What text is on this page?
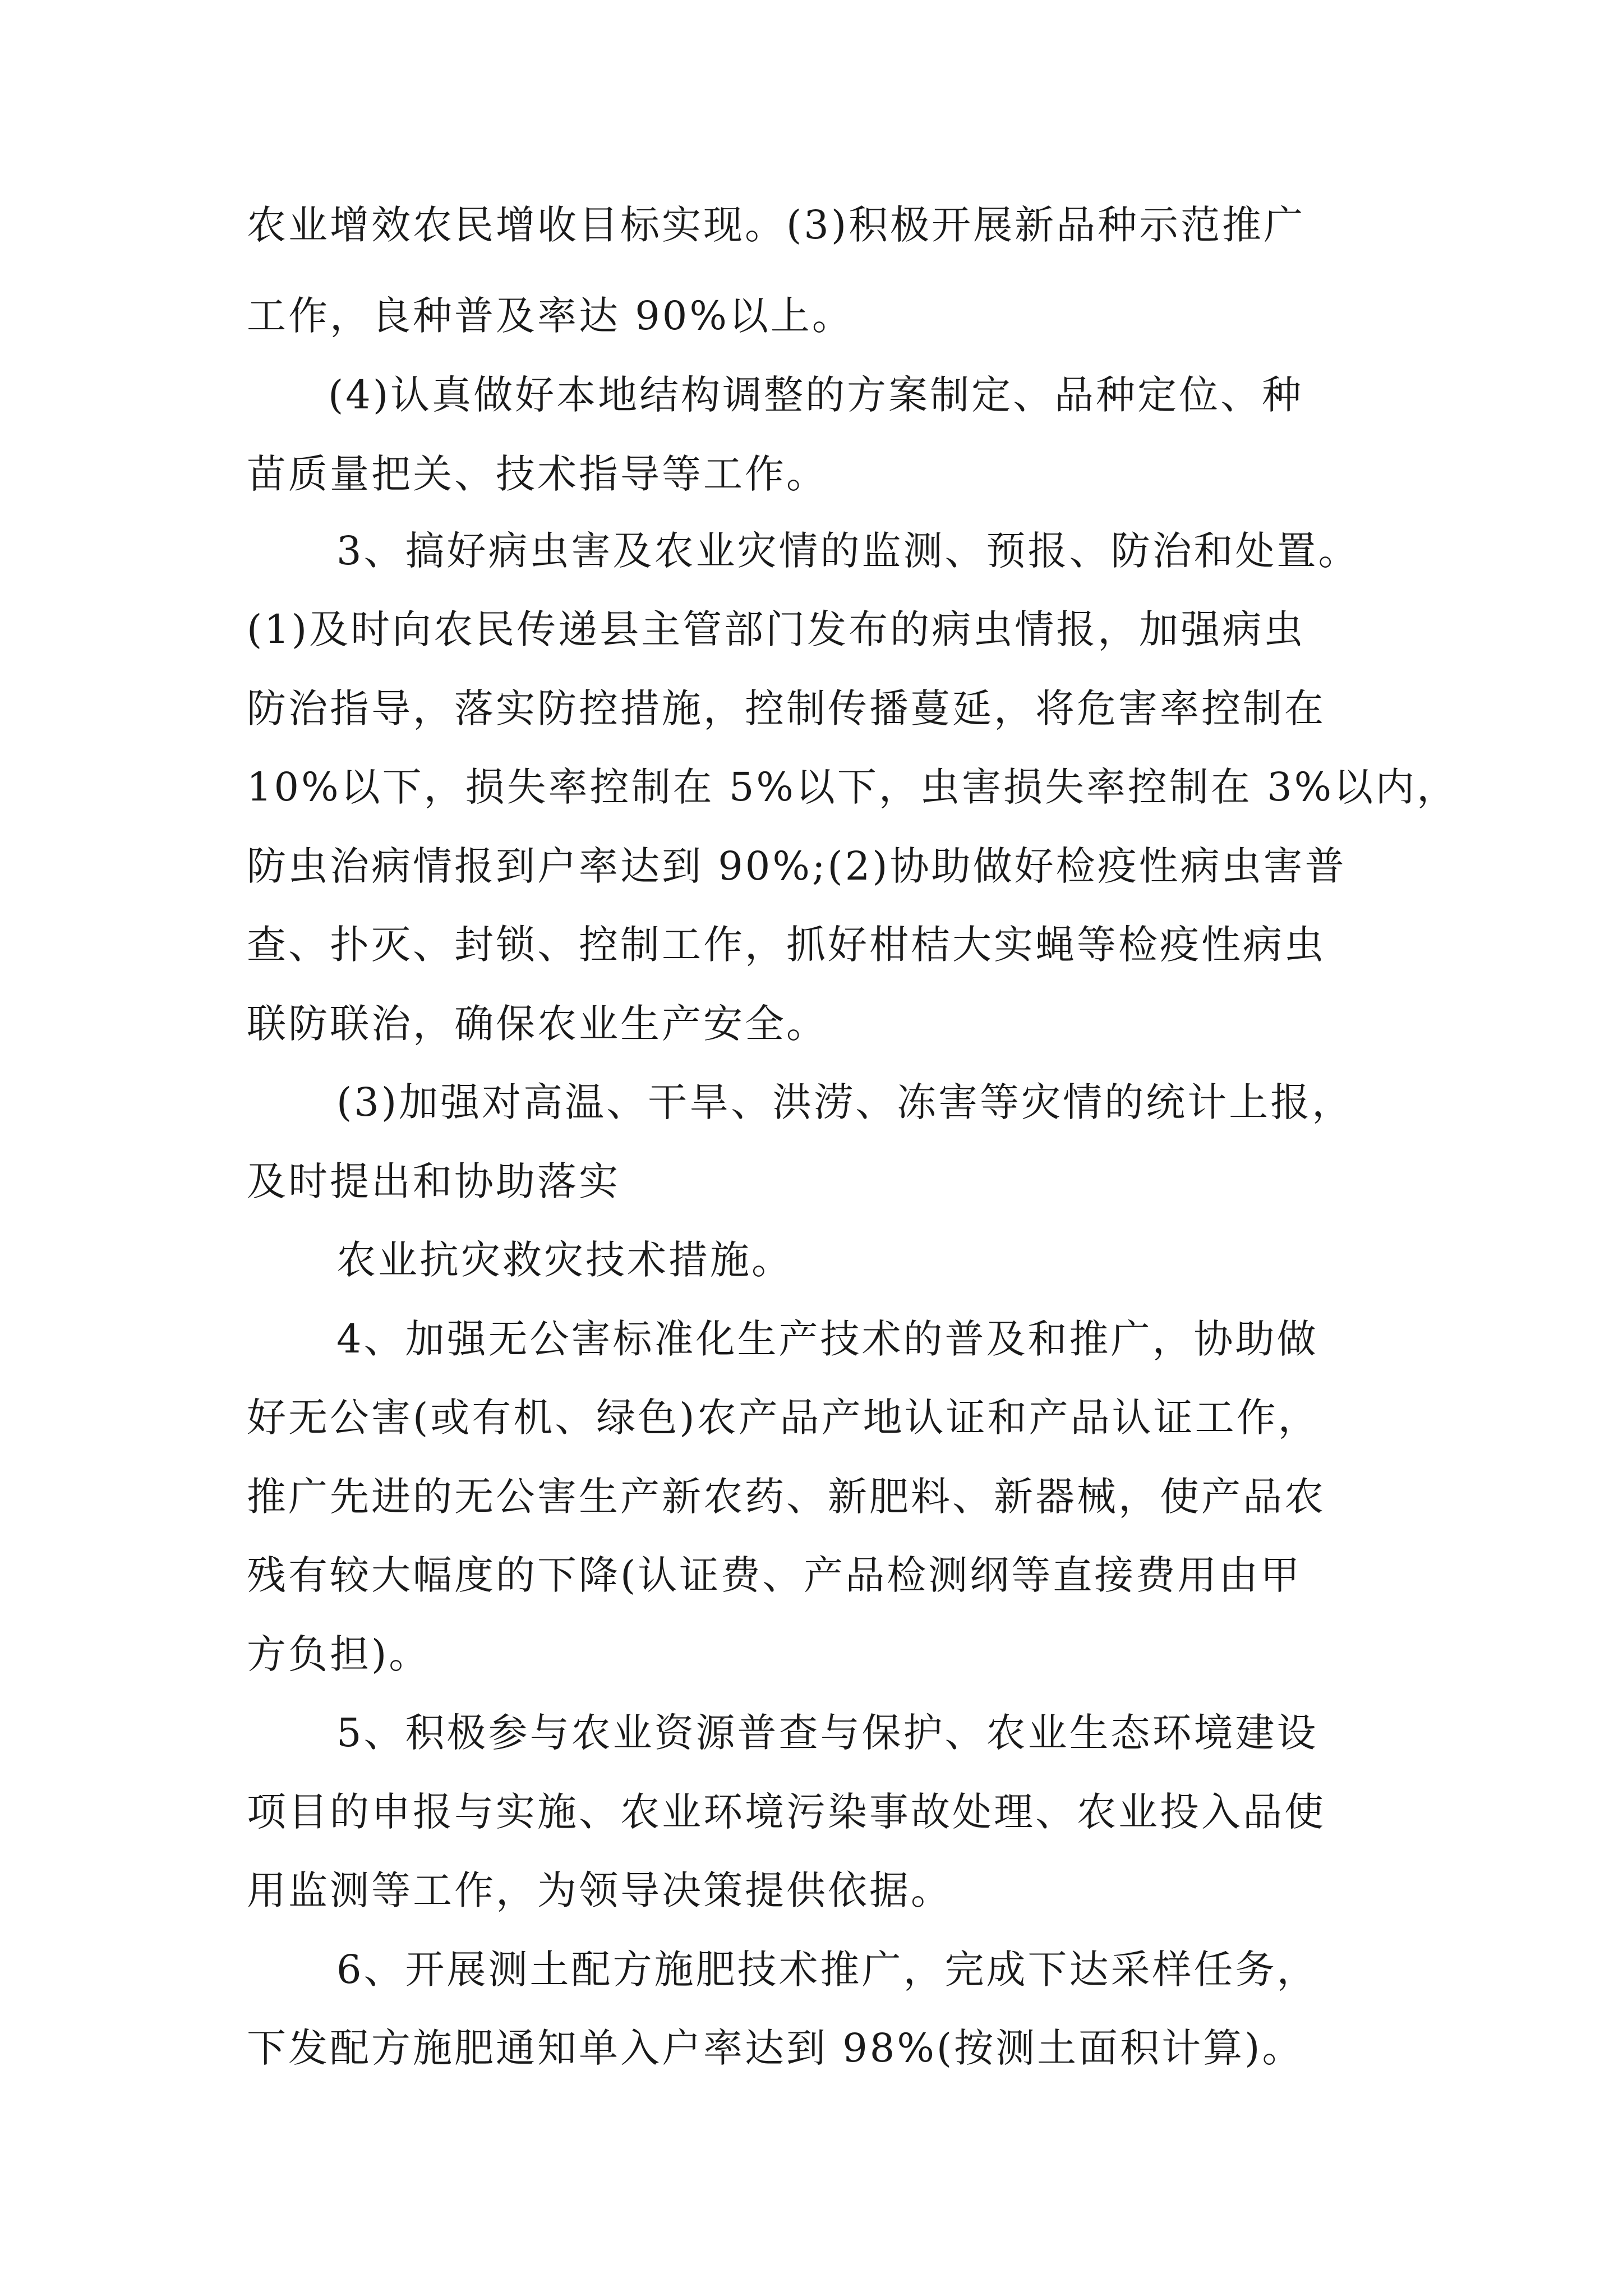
农业增效农民增收目标实现。(3)积极开展新品种示范推广
工作，良种普及率达 90%以上。
(4)认真做好本地结构调整的方案制定、品种定位、种
苗质量把关、技术指导等工作。
3、搞好病虫害及农业灾情的监测、预报、防治和处置。
(1)及时向农民传递县主管部门发布的病虫情报，加强病虫
防治指导，落实防控措施，控制传播蔓延，将危害率控制在
10%以下，损失率控制在 5%以下，虫害损失率控制在 3%以内，
防虫治病情报到户率达到 90%;(2)协助做好检疫性病虫害普
查、扑灭、封锁、控制工作，抓好柑桔大实蝇等检疫性病虫
联防联治，确保农业生产安全。
(3)加强对高温、干旱、洪涝、冻害等灾情的统计上报，
及时提出和协助落实
农业抗灾救灾技术措施。
4、加强无公害标准化生产技术的普及和推广，协助做
好无公害(或有机、绿色)农产品产地认证和产品认证工作，
推广先进的无公害生产新农药、新肥料、新器械，使产品农
残有较大幅度的下降(认证费、产品检测纲等直接费用由甲
方负担)。
5、积极参与农业资源普查与保护、农业生态环境建设
项目的申报与实施、农业环境污染事故处理、农业投入品使
用监测等工作，为领导决策提供依据。
6、开展测土配方施肥技术推广，完成下达采样任务，
下发配方施肥通知单入户率达到 98%(按测土面积计算)。
